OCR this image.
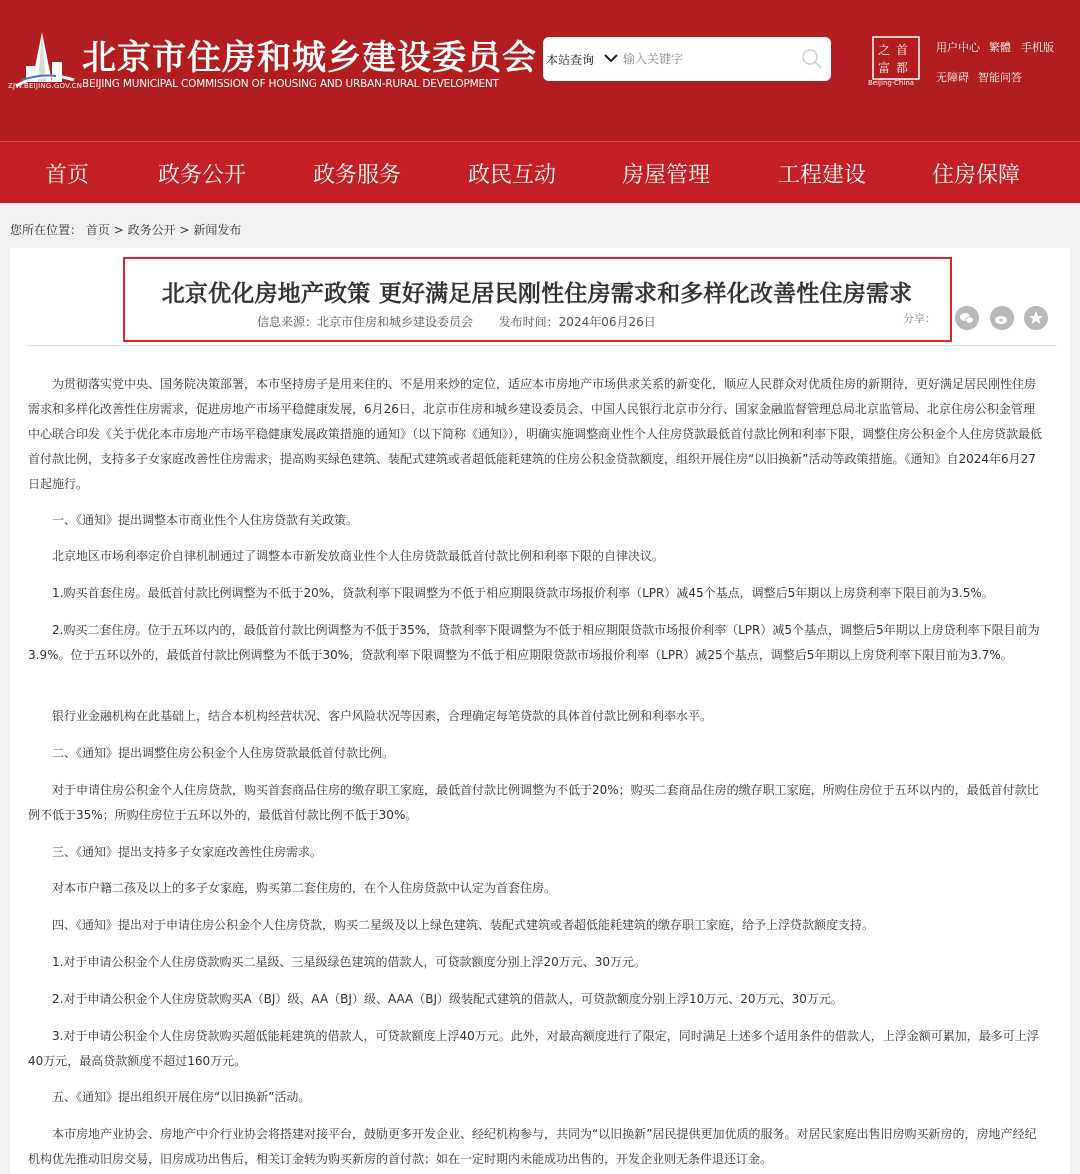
ZJW.BEIJING.GOV.CN
北京市住房和城乡建设委员会
BEIJING MUNICIPAL COMMISSION OF HOUSING AND URBAN-RURAL DEVELOPMENT
本站查询
输入关键字
之 首
富 都
Beijing·China
用户中心 繁體 手机版
无障碍 智能问答
首页	政务公开	政务服务	政民互动	房屋管理	工程建设	住房保障
您所在位置： 首页 > 政务公开 > 新闻发布
北京优化房地产政策 更好满足居民刚性住房需求和多样化改善性住房需求
信息来源：北京市住房和城乡建设委员会 发布时间：2024年06月26日	分享：

为贯彻落实党中央、国务院决策部署，本市坚持房子是用来住的、不是用来炒的定位，适应本市房地产市场供求关系的新变化，顺应人民群众对优质住房的新期待，更好满足居民刚性住房需求和多样化改善性住房需求，促进房地产市场平稳健康发展，6月26日，北京市住房和城乡建设委员会、中国人民银行北京市分行、国家金融监督管理总局北京监管局、北京住房公积金管理中心联合印发《关于优化本市房地产市场平稳健康发展政策措施的通知》（以下简称《通知》），明确实施调整商业性个人住房贷款最低首付款比例和利率下限，调整住房公积金个人住房贷款最低首付款比例，支持多子女家庭改善性住房需求，提高购买绿色建筑、装配式建筑或者超低能耗建筑的住房公积金贷款额度，组织开展住房“以旧换新”活动等政策措施。《通知》自2024年6月27日起施行。

一、《通知》提出调整本市商业性个人住房贷款有关政策。

北京地区市场利率定价自律机制通过了调整本市新发放商业性个人住房贷款最低首付款比例和利率下限的自律决议。

1.购买首套住房。最低首付款比例调整为不低于20%，贷款利率下限调整为不低于相应期限贷款市场报价利率（LPR）减45个基点，调整后5年期以上房贷利率下限目前为3.5%。

2.购买二套住房。位于五环以内的，最低首付款比例调整为不低于35%，贷款利率下限调整为不低于相应期限贷款市场报价利率（LPR）减5个基点，调整后5年期以上房贷利率下限目前为3.9%。位于五环以外的，最低首付款比例调整为不低于30%，贷款利率下限调整为不低于相应期限贷款市场报价利率（LPR）减25个基点，调整后5年期以上房贷利率下限目前为3.7%。

银行业金融机构在此基础上，结合本机构经营状况、客户风险状况等因素，合理确定每笔贷款的具体首付款比例和利率水平。

二、《通知》提出调整住房公积金个人住房贷款最低首付款比例。

对于申请住房公积金个人住房贷款，购买首套商品住房的缴存职工家庭，最低首付款比例调整为不低于20%；购买二套商品住房的缴存职工家庭，所购住房位于五环以内的，最低首付款比例不低于35%；所购住房位于五环以外的，最低首付款比例不低于30%。

三、《通知》提出支持多子女家庭改善性住房需求。

对本市户籍二孩及以上的多子女家庭，购买第二套住房的，在个人住房贷款中认定为首套住房。

四、《通知》提出对于申请住房公积金个人住房贷款，购买二星级及以上绿色建筑、装配式建筑或者超低能耗建筑的缴存职工家庭，给予上浮贷款额度支持。

1.对于申请公积金个人住房贷款购买二星级、三星级绿色建筑的借款人，可贷款额度分别上浮20万元、30万元。

2.对于申请公积金个人住房贷款购买A（BJ）级、AA（BJ）级、AAA（BJ）级装配式建筑的借款人，可贷款额度分别上浮10万元、20万元、30万元。

3.对于申请公积金个人住房贷款购买超低能耗建筑的借款人，可贷款额度上浮40万元。此外，对最高额度进行了限定，同时满足上述多个适用条件的借款人，上浮金额可累加，最多可上浮40万元，最高贷款额度不超过160万元。

五、《通知》提出组织开展住房“以旧换新”活动。

本市房地产业协会、房地产中介行业协会将搭建对接平台，鼓励更多开发企业、经纪机构参与，共同为“以旧换新”居民提供更加优质的服务。对居民家庭出售旧房购买新房的，房地产经纪机构优先推动旧房交易，旧房成功出售后，相关订金转为购买新房的首付款；如在一定时期内未能成功出售的，开发企业则无条件退还订金。
